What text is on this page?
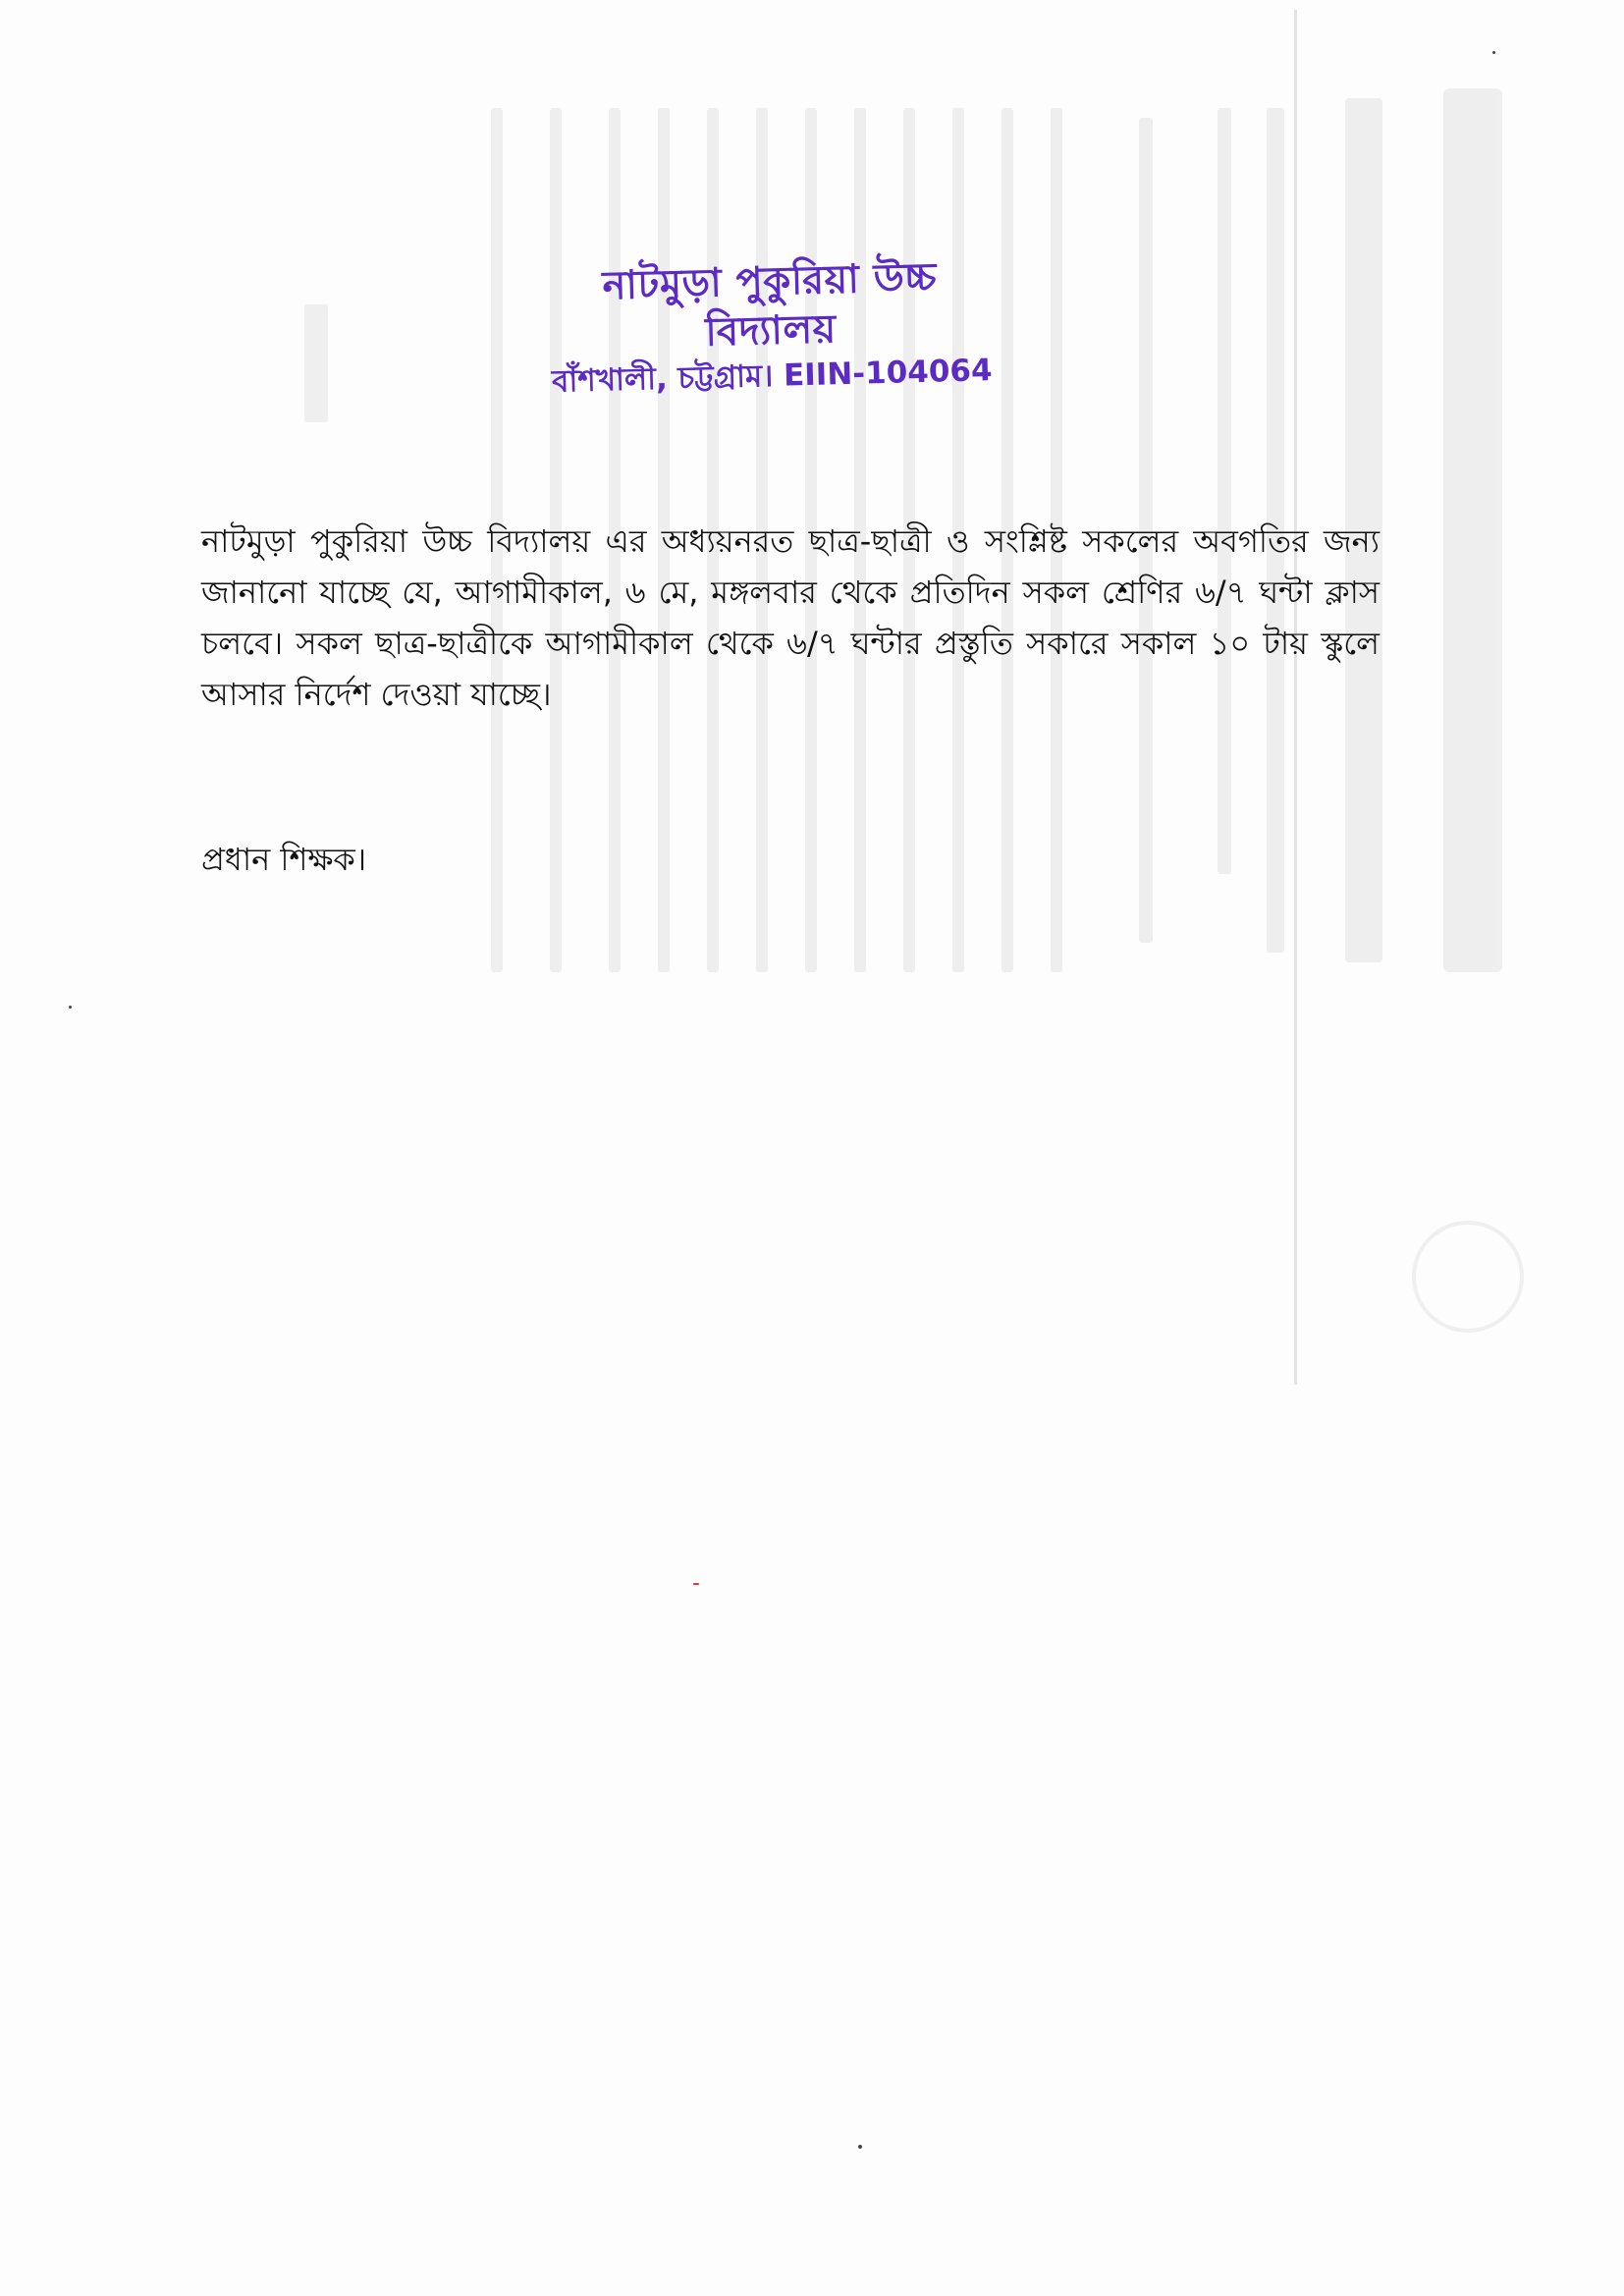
নাটমুড়া পুকুরিয়া উচ্চ বিদ্যালয়
বাঁশখালী, চট্টগ্রাম। EIIN-104064
নাটমুড়া পুকুরিয়া উচ্চ বিদ্যালয় এর অধ্যয়নরত ছাত্র-ছাত্রী ও সংশ্লিষ্ট সকলের অবগতির জন্য জানানো যাচ্ছে যে, আগামীকাল, ৬ মে, মঙ্গলবার থেকে প্রতিদিন সকল শ্রেণির ৬/৭ ঘন্টা ক্লাস চলবে। সকল ছাত্র-ছাত্রীকে আগামীকাল থেকে ৬/৭ ঘন্টার প্রস্তুতি সকারে সকাল ১০ টায় স্কুলে আসার নির্দেশ দেওয়া যাচ্ছে।
প্রধান শিক্ষক।
